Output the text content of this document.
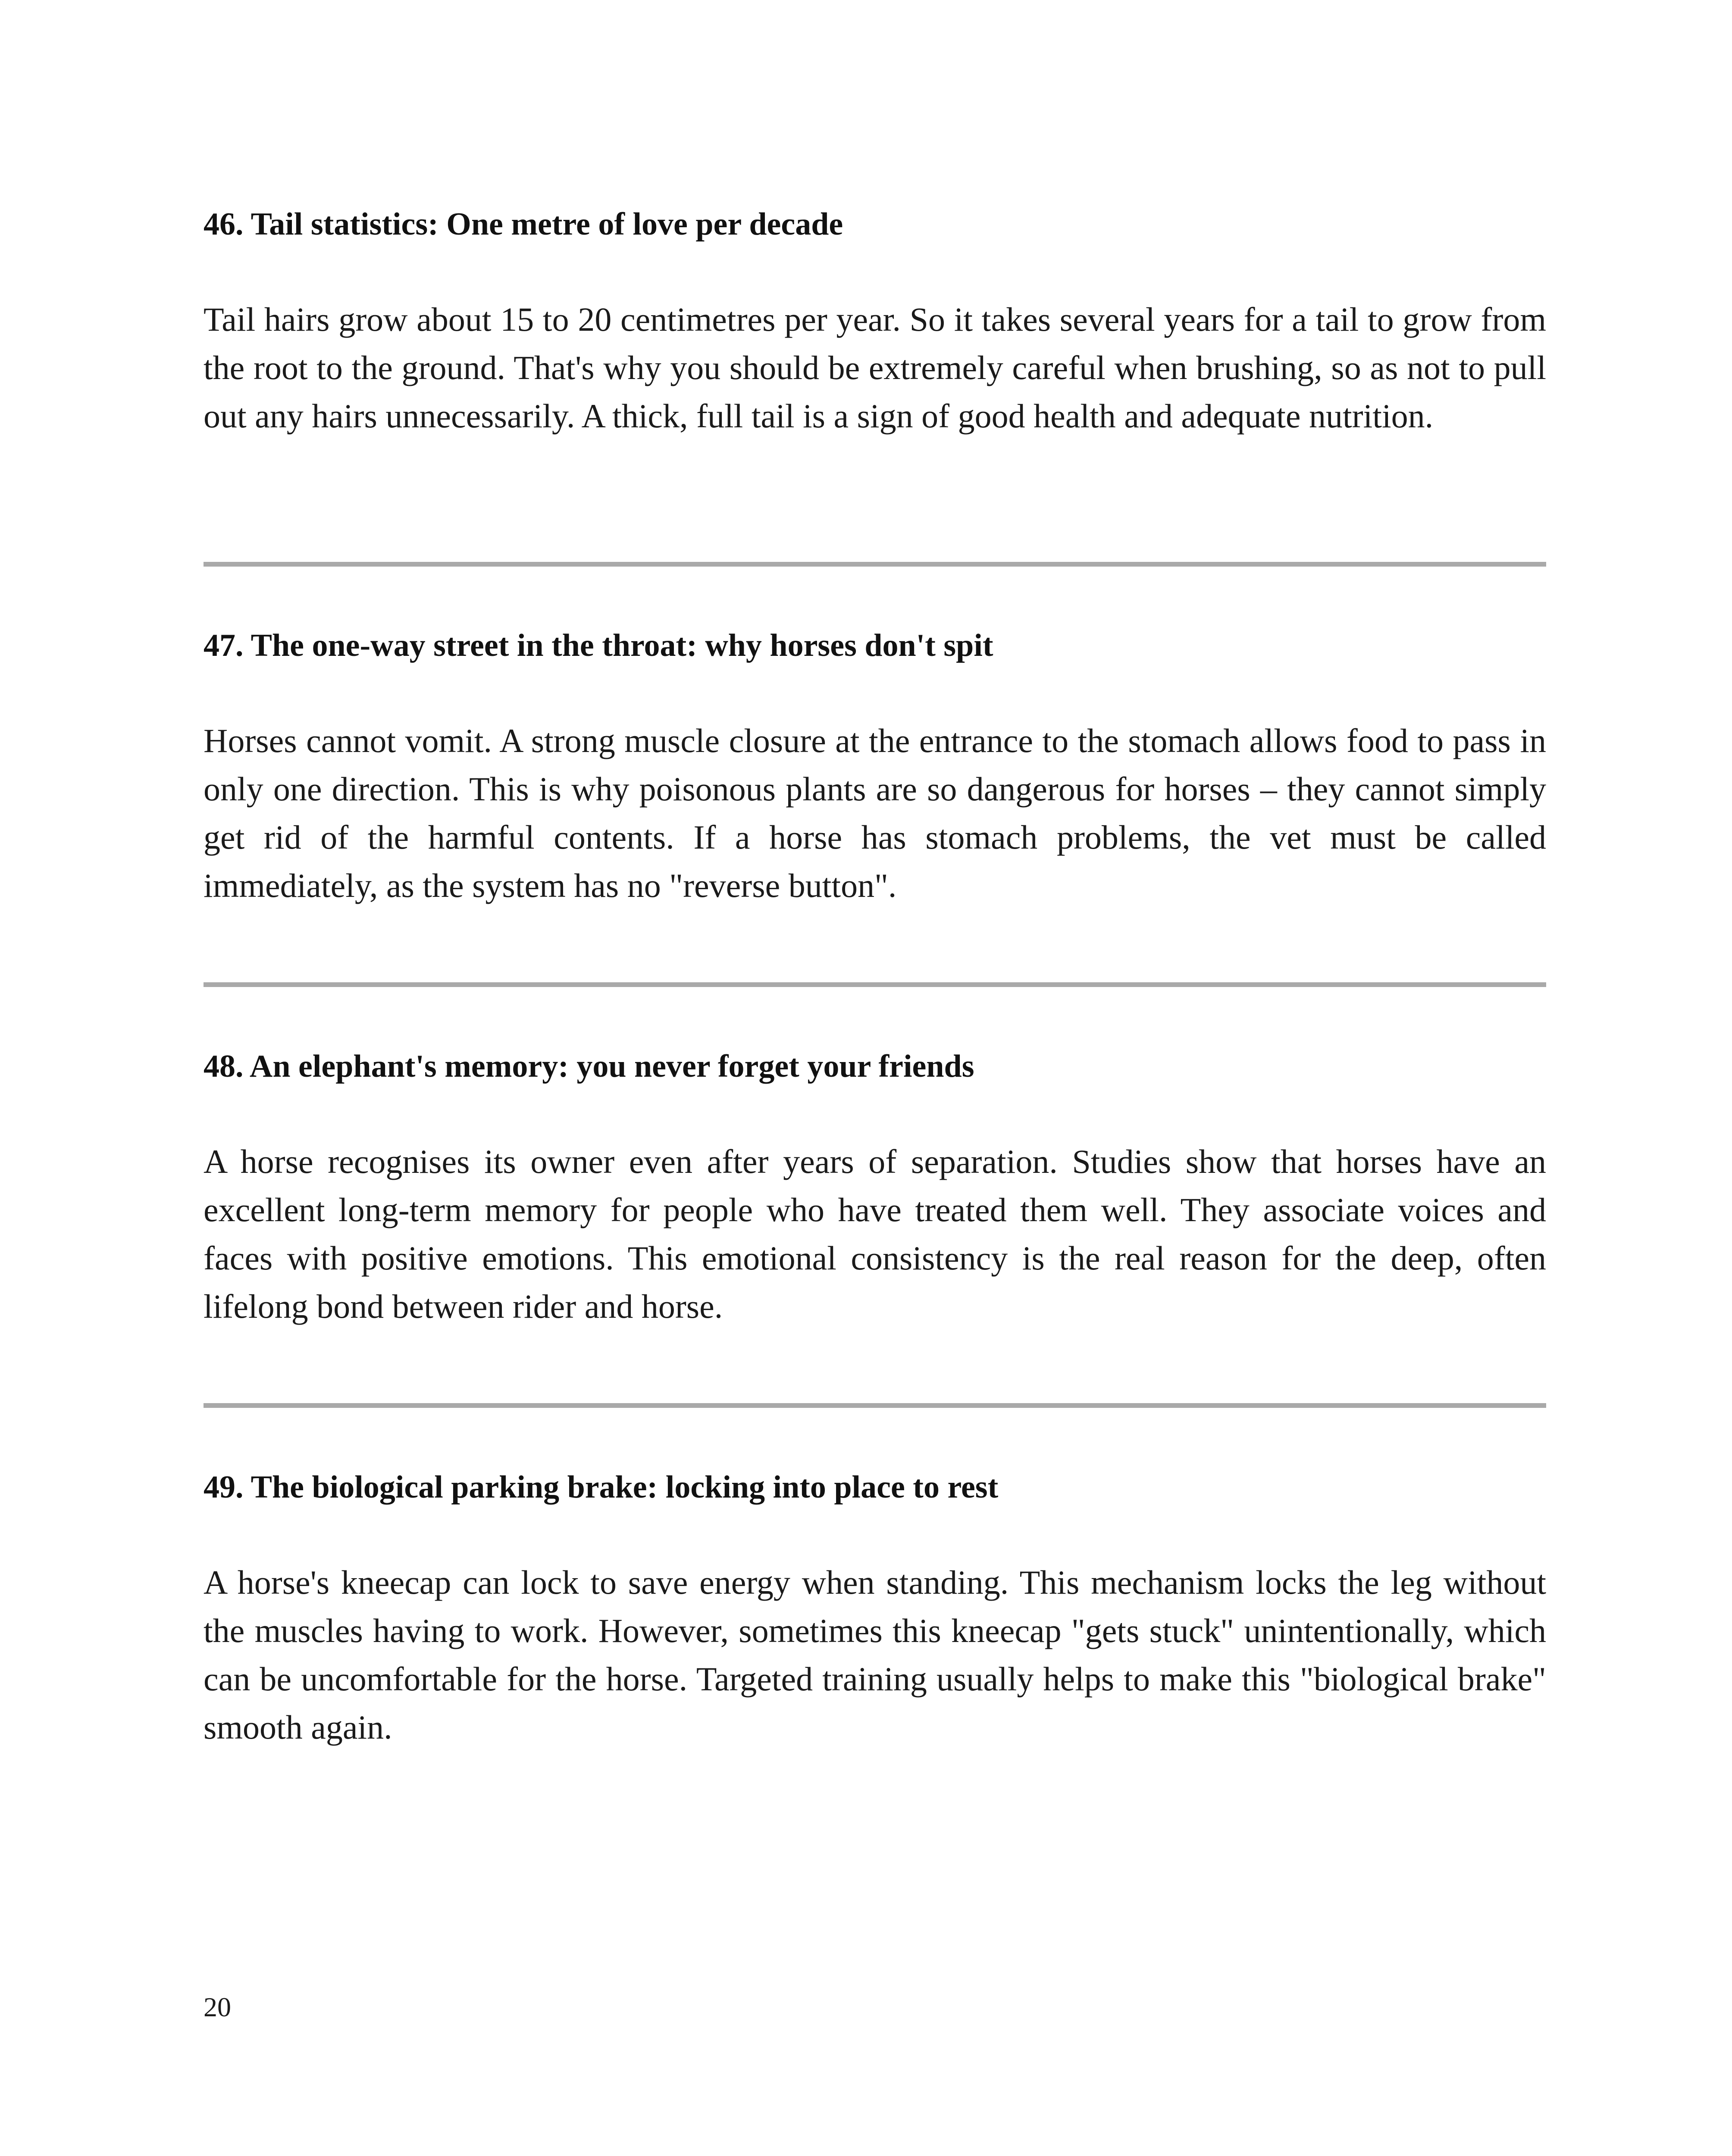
46. Tail statistics: One metre of love per decade

Tail hairs grow about 15 to 20 centimetres per year. So it takes several years for a tail to grow from the root to the ground. That's why you should be extremely careful when brushing, so as not to pull out any hairs unnecessarily. A thick, full tail is a sign of good health and adequate nutrition.

47. The one-way street in the throat: why horses don't spit

Horses cannot vomit. A strong muscle closure at the entrance to the stomach allows food to pass in only one direction. This is why poisonous plants are so dangerous for horses – they cannot simply get rid of the harmful contents. If a horse has stomach problems, the vet must be called immediately, as the system has no "reverse button".

48. An elephant's memory: you never forget your friends

A horse recognises its owner even after years of separation. Studies show that horses have an excellent long-term memory for people who have treated them well. They associate voices and faces with positive emotions. This emotional consistency is the real reason for the deep, often lifelong bond between rider and horse.

49. The biological parking brake: locking into place to rest

A horse's kneecap can lock to save energy when standing. This mechanism locks the leg without the muscles having to work. However, sometimes this kneecap "gets stuck" unintentionally, which can be uncomfortable for the horse. Targeted training usually helps to make this "biological brake" smooth again.

20
